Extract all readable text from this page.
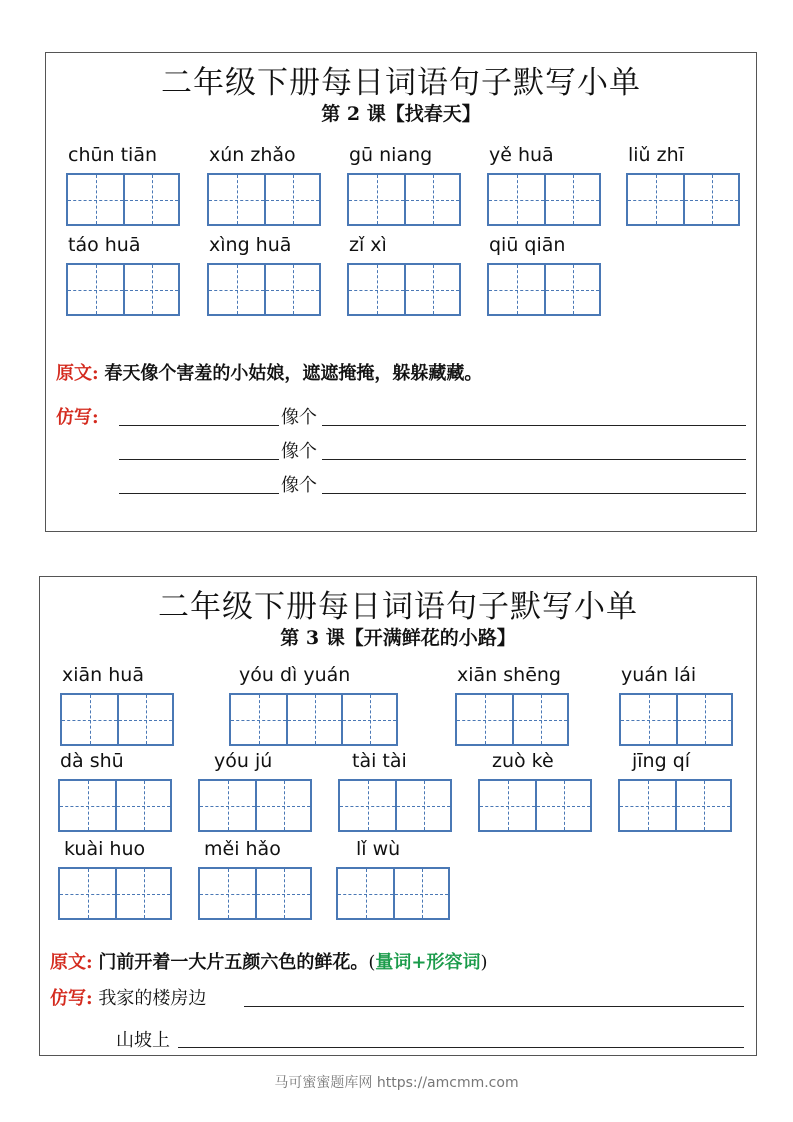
二年级下册每日词语句子默写小单
第 2 课【找春天】
chūn tiān	xún zhǎo	gū niang	yě huā	liǔ zhī
táo huā	xìng huā	zǐ xì	qiū qiān
原文: 春天像个害羞的小姑娘，遮遮掩掩，躲躲藏藏。
仿写:	像个
像个
像个
二年级下册每日词语句子默写小单
第 3 课【开满鲜花的小路】
xiān huā	yóu dì yuán	xiān shēng	yuán lái
dà shū	yóu jú	tài tài	zuò kè	jīng qí
kuài huo	měi hǎo	lǐ wù
原文: 门前开着一大片五颜六色的鲜花。(量词+形容词)
仿写: 我家的楼房边
山坡上
马可蜜蜜题库网 https://amcmm.com
